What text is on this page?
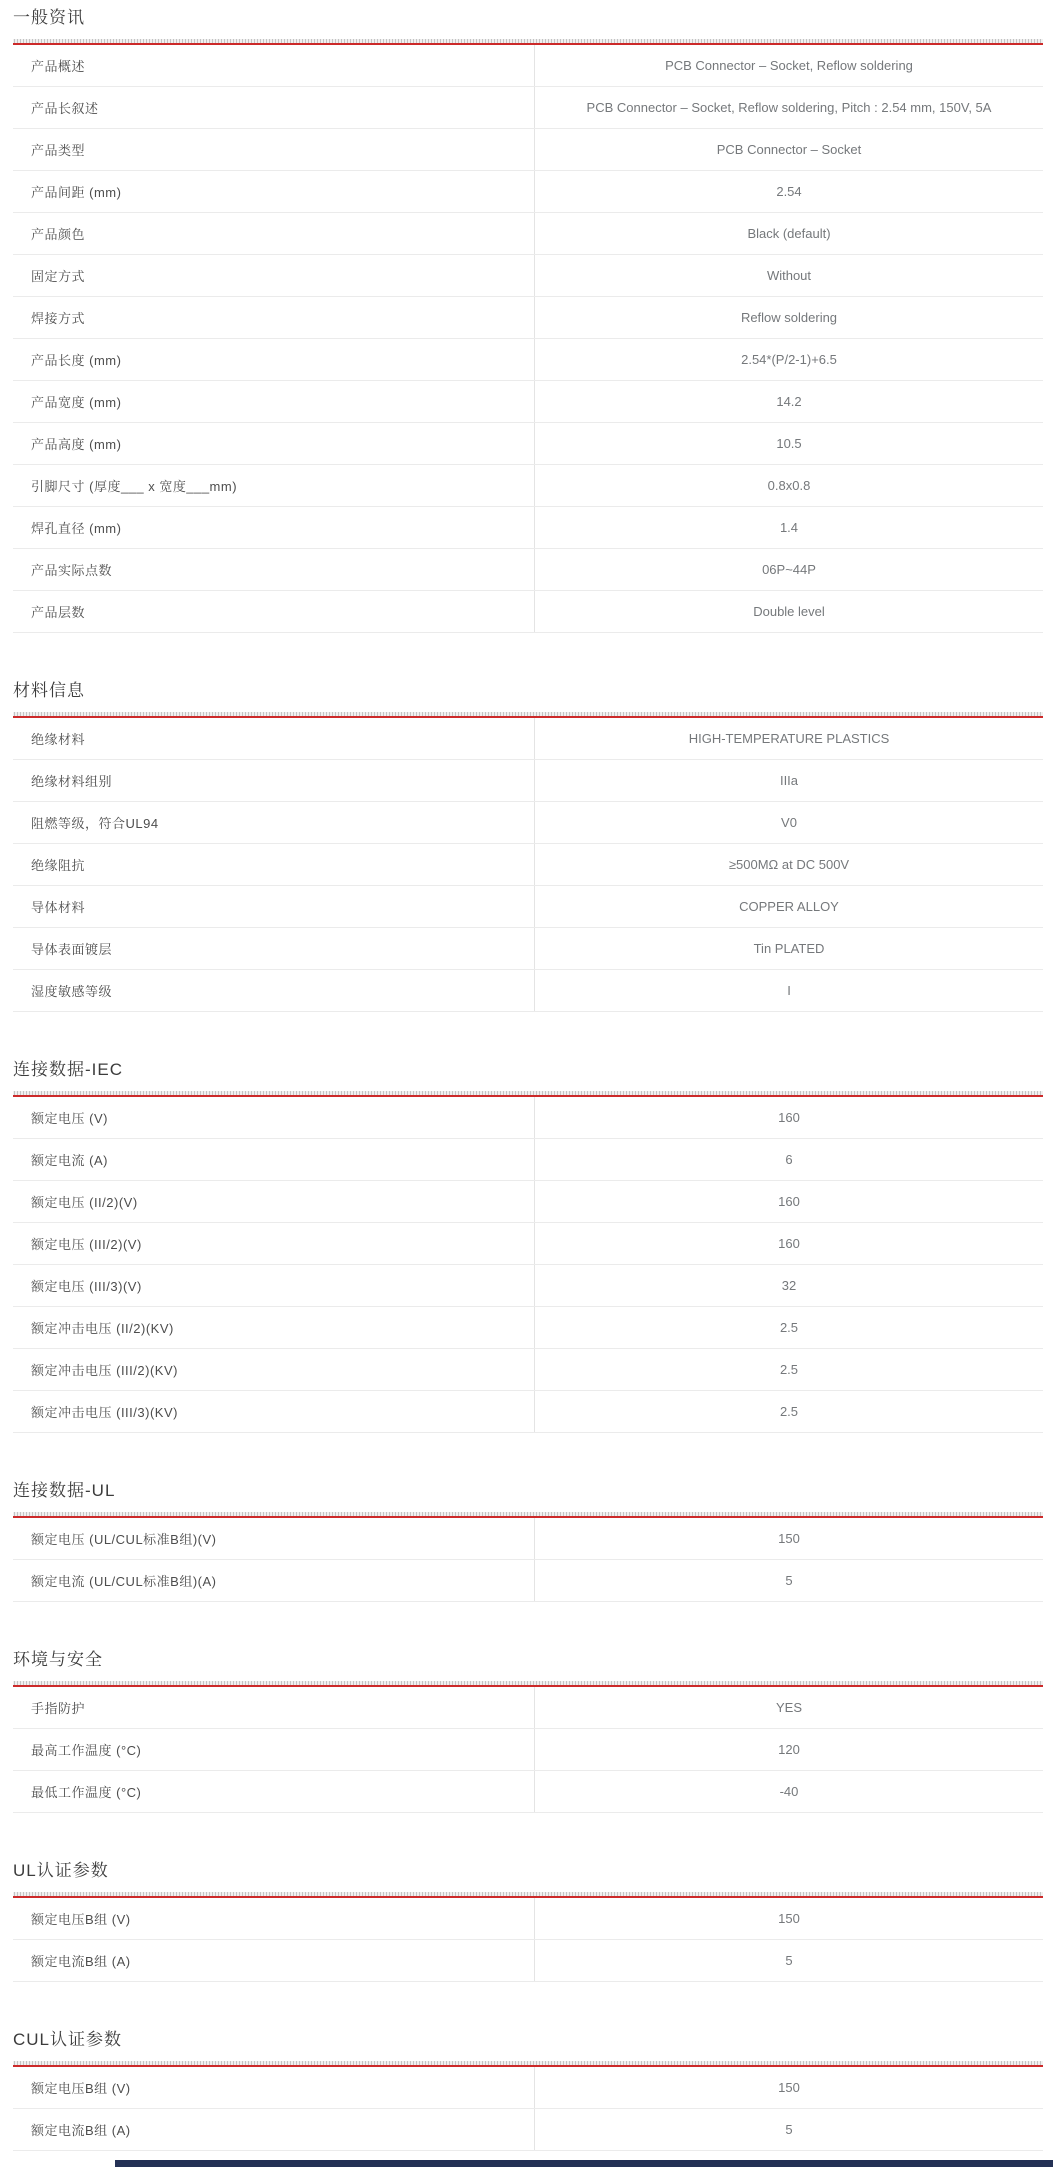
一般资讯
产品概述	PCB Connector – Socket, Reflow soldering
产品长叙述	PCB Connector – Socket, Reflow soldering, Pitch : 2.54 mm, 150V, 5A
产品类型	PCB Connector – Socket
产品间距 (mm)	2.54
产品颜色	Black (default)
固定方式	Without
焊接方式	Reflow soldering
产品长度 (mm)	2.54*(P/2-1)+6.5
产品宽度 (mm)	14.2
产品高度 (mm)	10.5
引脚尺寸 (厚度___ x 宽度___mm)	0.8x0.8
焊孔直径 (mm)	1.4
产品实际点数	06P~44P
产品层数	Double level
材料信息
绝缘材料	HIGH-TEMPERATURE PLASTICS
绝缘材料组别	IIIa
阻燃等级，符合UL94	V0
绝缘阻抗	≥500MΩ at DC 500V
导体材料	COPPER ALLOY
导体表面镀层	Tin PLATED
湿度敏感等级	I
连接数据-IEC
额定电压 (V)	160
额定电流 (A)	6
额定电压 (II/2)(V)	160
额定电压 (III/2)(V)	160
额定电压 (III/3)(V)	32
额定冲击电压 (II/2)(KV)	2.5
额定冲击电压 (III/2)(KV)	2.5
额定冲击电压 (III/3)(KV)	2.5
连接数据-UL
额定电压 (UL/CUL标准B组)(V)	150
额定电流 (UL/CUL标准B组)(A)	5
环境与安全
手指防护	YES
最高工作温度 (°C)	120
最低工作温度 (°C)	-40
UL认证参数
额定电压B组 (V)	150
额定电流B组 (A)	5
CUL认证参数
额定电压B组 (V)	150
额定电流B组 (A)	5
